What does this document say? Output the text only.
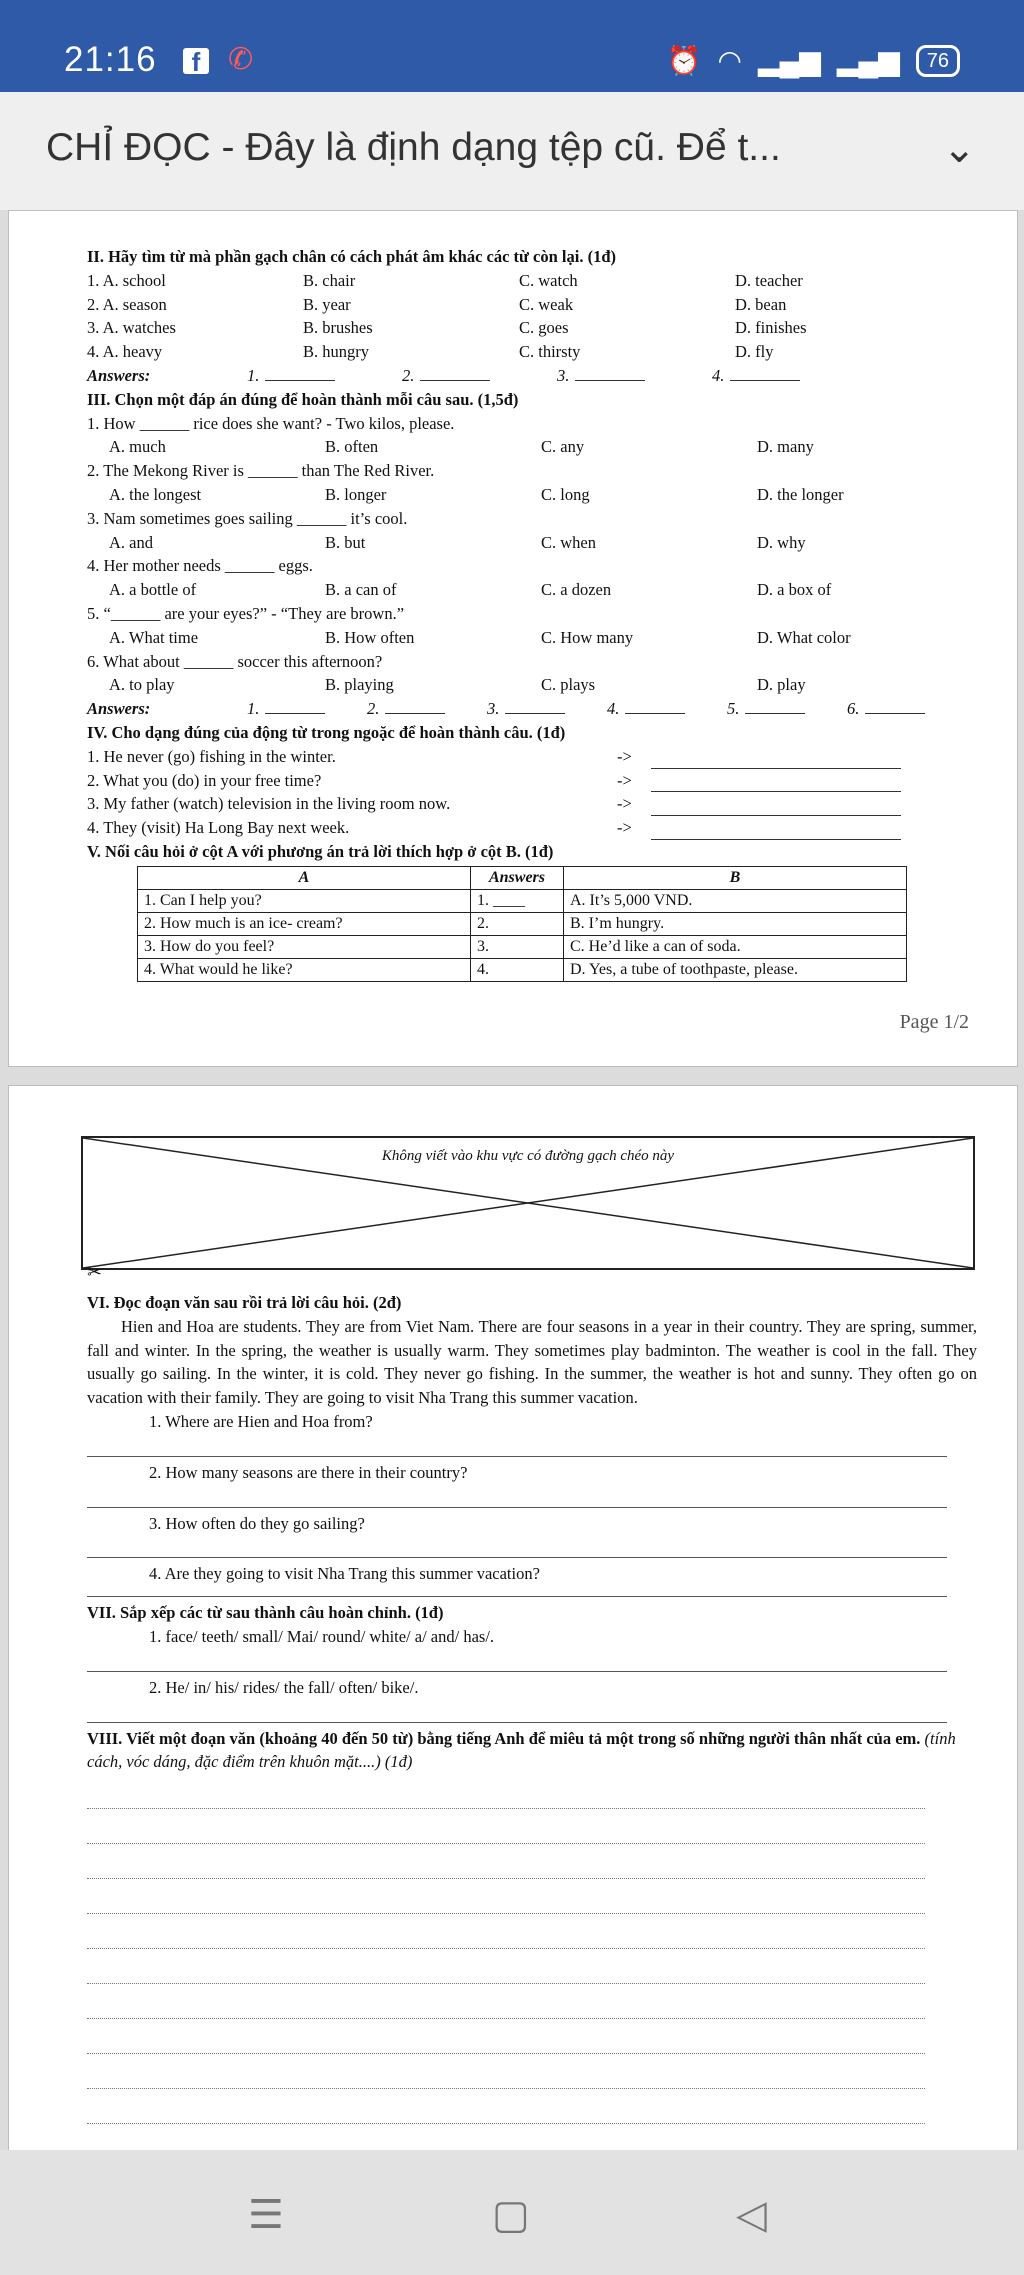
21:16	f ✆	⏰ ◠ ▂▄▆ ▂▄▆	76
CHỈ ĐỌC - Đây là định dạng tệp cũ. Để t...	⌄
II. Hãy tìm từ mà phần gạch chân có cách phát âm khác các từ còn lại. (1đ)
1. A. school	B. chair	C. watch	D. teacher
2. A. season	B. year	C. weak	D. bean
3. A. watches	B. brushes	C. goes	D. finishes
4. A. heavy	B. hungry	C. thirsty	D. fly
Answers:	1.	2.	3.	4.
III. Chọn một đáp án đúng để hoàn thành mỗi câu sau. (1,5đ)
1. How ______ rice does she want? - Two kilos, please.
A. much	B. often	C. any	D. many
2. The Mekong River is ______ than The Red River.
A. the longest	B. longer	C. long	D. the longer
3. Nam sometimes goes sailing ______ it’s cool.
A. and	B. but	C. when	D. why
4. Her mother needs ______ eggs.
A. a bottle of	B. a can of	C. a dozen	D. a box of
5. “______ are your eyes?” - “They are brown.”
A. What time	B. How often	C. How many	D. What color
6. What about ______ soccer this afternoon?
A. to play	B. playing	C. plays	D. play
Answers:	1.	2.	3.	4.	5.	6.
IV. Cho dạng đúng của động từ trong ngoặc để hoàn thành câu. (1đ)
1. He never (go) fishing in the winter.	->
2. What you (do) in your free time?	->
3. My father (watch) television in the living room now.	->
4. They (visit) Ha Long Bay next week.	->
V. Nối câu hỏi ở cột A với phương án trả lời thích hợp ở cột B. (1đ)
A	Answers	B
1. Can I help you?	1. ____	A. It’s 5,000 VND.
2. How much is an ice- cream?	2.	B. I’m hungry.
3. How do you feel?	3.	C. He’d like a can of soda.
4. What would he like?	4.	D. Yes, a tube of toothpaste, please.
Page 1/2
Không viết vào khu vực có đường gạch chéo này
✂
VI. Đọc đoạn văn sau rồi trả lời câu hỏi. (2đ)
Hien and Hoa are students. They are from Viet Nam. There are four seasons in a year in their country. They are spring, summer, fall and winter. In the spring, the weather is usually warm. They sometimes play badminton. The weather is cool in the fall. They usually go sailing. In the winter, it is cold. They never go fishing. In the summer, the weather is hot and sunny. They often go on vacation with their family. They are going to visit Nha Trang this summer vacation.
1. Where are Hien and Hoa from?
2. How many seasons are there in their country?
3. How often do they go sailing?
4. Are they going to visit Nha Trang this summer vacation?
VII. Sắp xếp các từ sau thành câu hoàn chỉnh. (1đ)
1. face/ teeth/ small/ Mai/ round/ white/ a/ and/ has/.
2. He/ in/ his/ rides/ the fall/ often/ bike/.
VIII. Viết một đoạn văn (khoảng 40 đến 50 từ) bằng tiếng Anh để miêu tả một trong số những người thân nhất của em. (tính cách, vóc dáng, đặc điểm trên khuôn mặt....) (1đ)
☰	▢	◁
